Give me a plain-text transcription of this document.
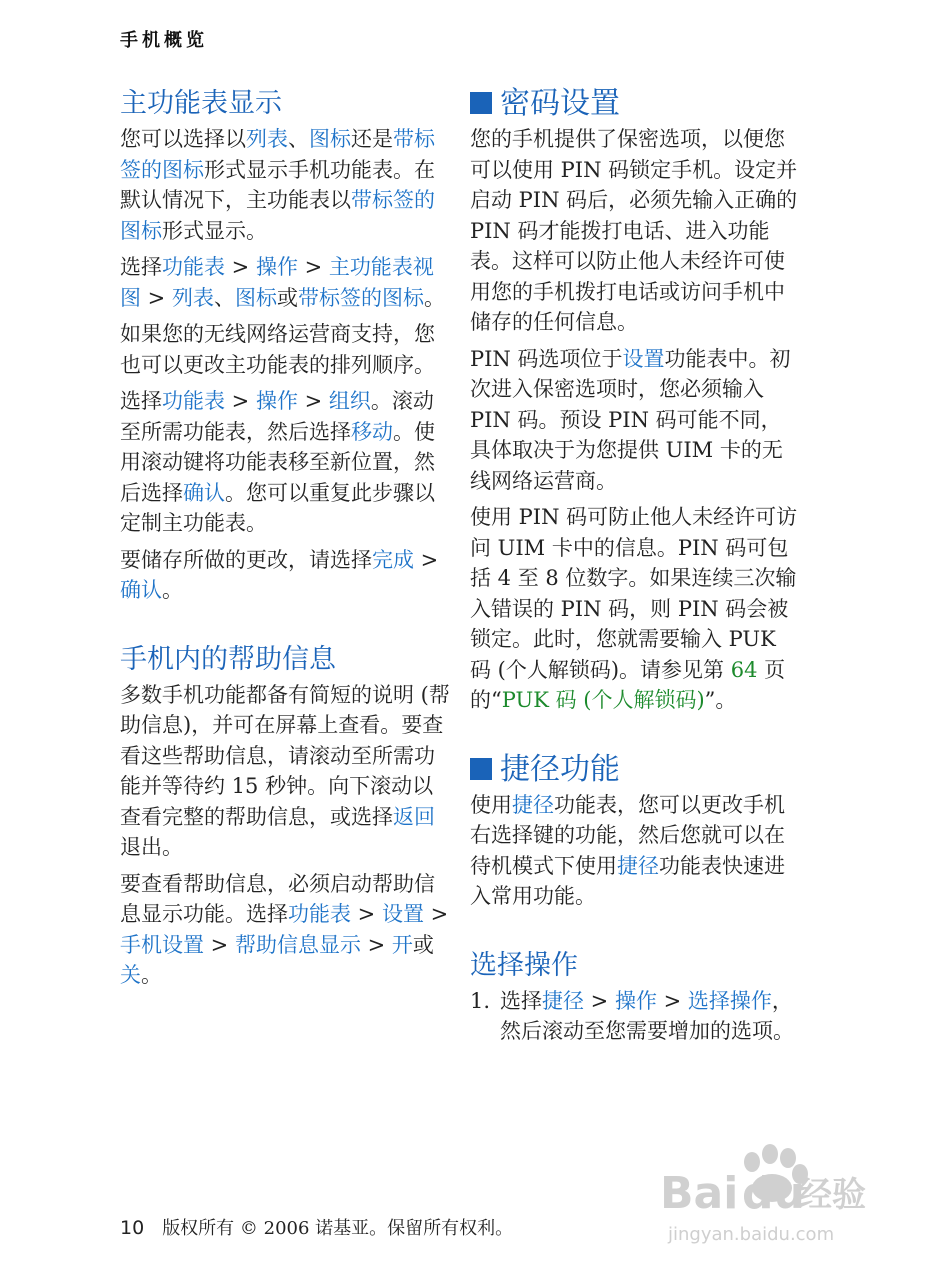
手机概览
主功能表显示

您可以选择以列表、图标还是带标签的图标形式显示手机功能表。在默认情况下，主功能表以带标签的图标形式显示。

选择功能表 > 操作 > 主功能表视图 > 列表、图标或带标签的图标。

如果您的无线网络运营商支持，您也可以更改主功能表的排列顺序。

选择功能表 > 操作 > 组织。滚动至所需功能表，然后选择移动。使用滚动键将功能表移至新位置，然后选择确认。您可以重复此步骤以定制主功能表。

要储存所做的更改，请选择完成 > 确认。

手机内的帮助信息

多数手机功能都备有简短的说明 (帮助信息)，并可在屏幕上查看。要查看这些帮助信息，请滚动至所需功能并等待约 15 秒钟。向下滚动以查看完整的帮助信息，或选择返回退出。

要查看帮助信息，必须启动帮助信息显示功能。选择功能表 > 设置 > 手机设置 > 帮助信息显示 > 开或关。

密码设置

您的手机提供了保密选项，以便您可以使用 PIN 码锁定手机。设定并启动 PIN 码后，必须先输入正确的 PIN 码才能拨打电话、进入功能表。这样可以防止他人未经许可使用您的手机拨打电话或访问手机中储存的任何信息。

PIN 码选项位于设置功能表中。初次进入保密选项时，您必须输入 PIN 码。预设 PIN 码可能不同，具体取决于为您提供 UIM 卡的无线网络运营商。

使用 PIN 码可防止他人未经许可访问 UIM 卡中的信息。PIN 码可包括 4 至 8 位数字。如果连续三次输入错误的 PIN 码，则 PIN 码会被锁定。此时，您就需要输入 PUK 码 (个人解锁码)。请参见第 64 页的“PUK 码 (个人解锁码)”。

捷径功能

使用捷径功能表，您可以更改手机右选择键的功能，然后您就可以在待机模式下使用捷径功能表快速进入常用功能。

选择操作
1. 选择捷径 > 操作 > 选择操作，然后滚动至您需要增加的选项。
Bai du
经验
jingyan.baidu.com
10 版权所有 © 2006 诺基亚。保留所有权利。
